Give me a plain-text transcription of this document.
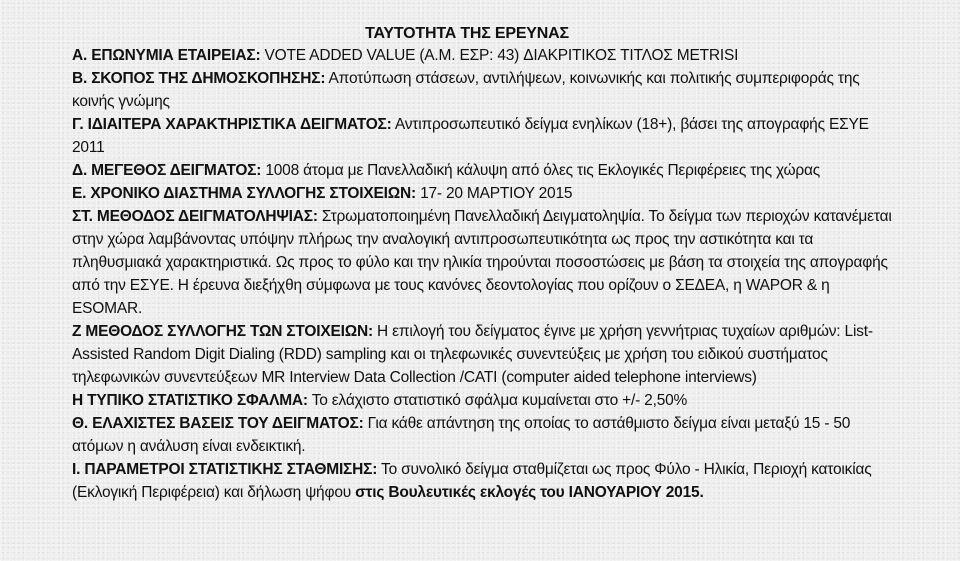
ΤΑΥΤΟΤΗΤΑ ΤΗΣ ΕΡΕΥΝΑΣ

Α. ΕΠΩΝΥΜΙΑ ΕΤΑΙΡΕΙΑΣ: VOTE ADDED VALUE (Α.Μ. ΕΣΡ: 43) ΔΙΑΚΡΙΤΙΚΟΣ ΤΙΤΛΟΣ METRISI

Β. ΣΚΟΠΟΣ ΤΗΣ ΔΗΜΟΣΚΟΠΗΣΗΣ: Αποτύπωση στάσεων, αντιλήψεων, κοινωνικής και πολιτικής συμπεριφοράς της κοινής γνώμης

Γ. ΙΔΙΑΙΤΕΡΑ ΧΑΡΑΚΤΗΡΙΣΤΙΚΑ ΔΕΙΓΜΑΤΟΣ: Αντιπροσωπευτικό δείγμα ενηλίκων (18+), βάσει της απογραφής ΕΣΥΕ 2011

Δ. ΜΕΓΕΘΟΣ ΔΕΙΓΜΑΤΟΣ: 1008 άτομα με Πανελλαδική κάλυψη από όλες τις Εκλογικές Περιφέρειες της χώρας

Ε. ΧΡΟΝΙΚΟ ΔΙΑΣΤΗΜΑ ΣΥΛΛΟΓΗΣ ΣΤΟΙΧΕΙΩΝ: 17- 20 ΜΑΡΤΙΟΥ 2015

ΣΤ. ΜΕΘΟΔΟΣ ΔΕΙΓΜΑΤΟΛΗΨΙΑΣ: Στρωματοποιημένη Πανελλαδική Δειγματοληψία. Το δείγμα των περιοχών κατανέμεται στην χώρα λαμβάνοντας υπόψην πλήρως την αναλογική αντιπροσωπευτικότητα ως προς την αστικότητα και τα πληθυσμιακά χαρακτηριστικά. Ως προς το φύλο και την ηλικία τηρούνται ποσοστώσεις με βάση τα στοιχεία της απογραφής από την ΕΣΥΕ. Η έρευνα διεξήχθη σύμφωνα με τους κανόνες δεοντολογίας που ορίζουν ο ΣΕΔΕΑ, η WAPOR & η ESOMAR.

Ζ ΜΕΘΟΔΟΣ ΣΥΛΛΟΓΗΣ ΤΩΝ ΣΤΟΙΧΕΙΩΝ: Η επιλογή του δείγματος έγινε με χρήση γεννήτριας τυχαίων αριθμών: List-Assisted Random Digit Dialing (RDD) sampling και οι τηλεφωνικές συνεντεύξεις με χρήση του ειδικού συστήματος τηλεφωνικών συνεντεύξεων MR Interview Data Collection /CATI (computer aided telephone interviews)

Η ΤΥΠΙΚΟ ΣΤΑΤΙΣΤΙΚΟ ΣΦΑΛΜΑ: Το ελάχιστο στατιστικό σφάλμα κυμαίνεται στο +/- 2,50%

Θ. ΕΛΑΧΙΣΤΕΣ ΒΑΣΕΙΣ ΤΟΥ ΔΕΙΓΜΑΤΟΣ: Για κάθε απάντηση της οποίας το αστάθμιστο δείγμα είναι μεταξύ 15 - 50 ατόμων η ανάλυση είναι ενδεικτική.

Ι. ΠΑΡΑΜΕΤΡΟΙ ΣΤΑΤΙΣΤΙΚΗΣ ΣΤΑΘΜΙΣΗΣ: Το συνολικό δείγμα σταθμίζεται ως προς Φύλο - Ηλικία, Περιοχή κατοικίας (Εκλογική Περιφέρεια) και δήλωση ψήφου στις Βουλευτικές εκλογές του ΙΑΝΟΥΑΡΙΟΥ 2015.
